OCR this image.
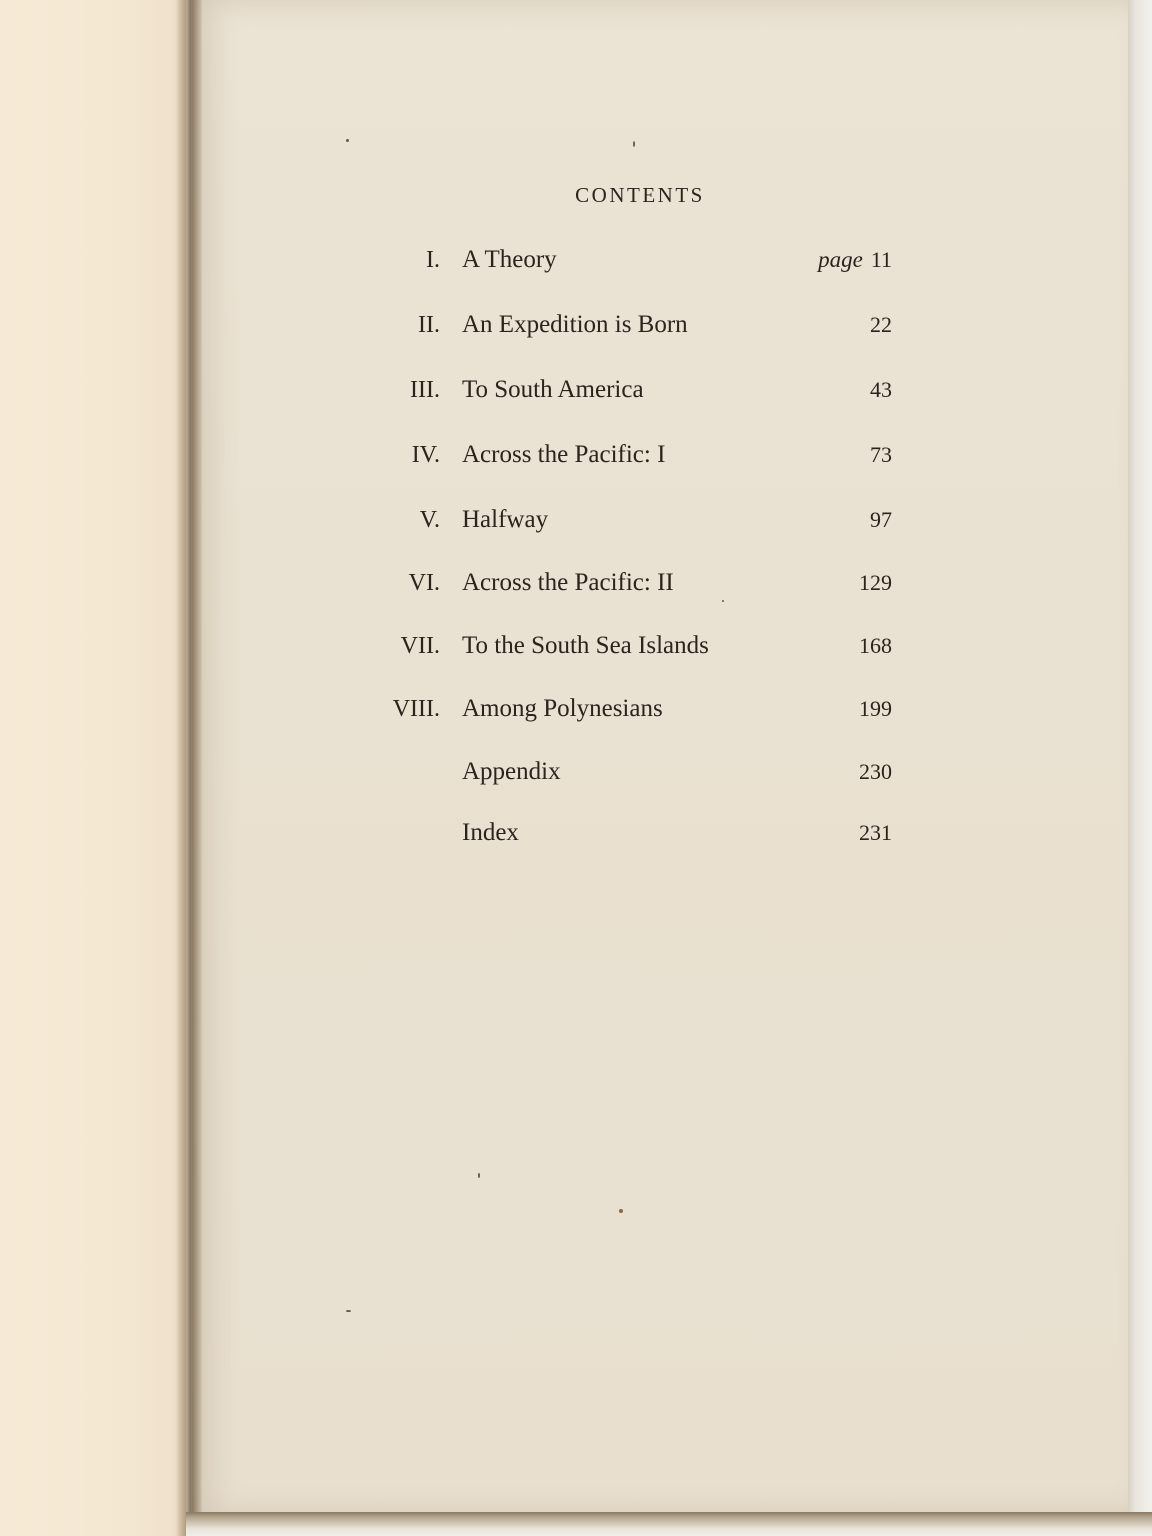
CONTENTS
I. A Theory	page 11
II. An Expedition is Born	22
III. To South America	43
IV. Across the Pacific: I	73
V. Halfway	97
VI. Across the Pacific: II	129
VII. To the South Sea Islands	168
VIII. Among Polynesians	199
Appendix	230
Index	231
